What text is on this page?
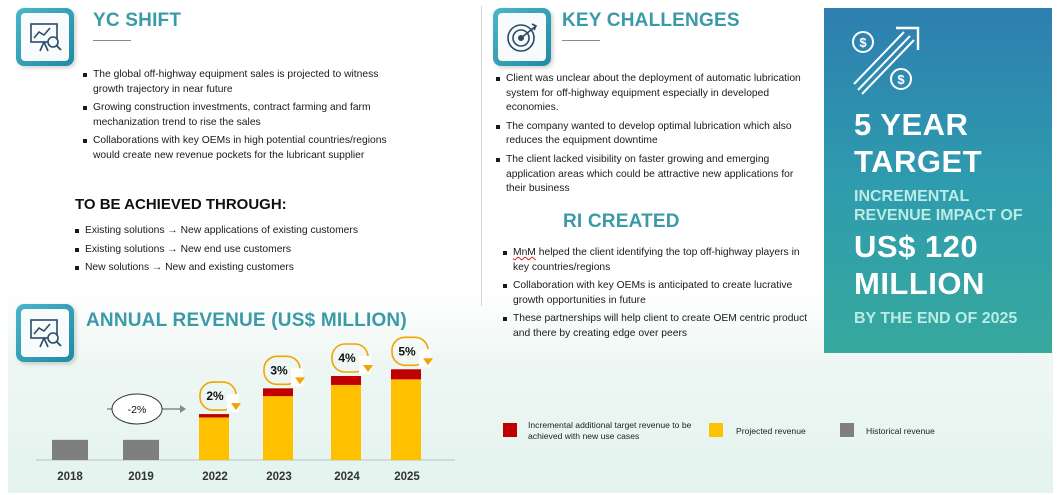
YC SHIFT
The global off-highway equipment sales is projected to witness growth trajectory in near future
Growing construction investments, contract farming and farm mechanization trend to rise the sales
Collaborations with key OEMs in high potential countries/regions would create new revenue pockets for the lubricant supplier
TO BE ACHIEVED THROUGH:
Existing solutions → New applications of existing customers
Existing solutions → New end use customers
New solutions → New and existing customers
KEY CHALLENGES
Client was unclear about the deployment of automatic lubrication system for off-highway equipment especially in developed economies.
The company wanted to develop optimal lubrication which also reduces the equipment downtime
The client lacked visibility on faster growing and emerging application areas which could be attractive new applications for their business
RI CREATED
MnM helped the client identifying the top off-highway players in key countries/regions
Collaboration with key OEMs is anticipated to create lucrative growth opportunities in future
These partnerships will help client to create OEM centric product and there by creating edge over peers
$
$
5 YEAR
TARGET
INCREMENTAL
REVENUE IMPACT OF
US$ 120
MILLION
BY THE END OF 2025
ANNUAL REVENUE (US$ MILLION)
2018	2019
-2%
2022
2%
2023
3%
2024
4%
2025
5%
Incremental additional target revenue to be achieved with new use cases	Projected revenue	Historical revenue
